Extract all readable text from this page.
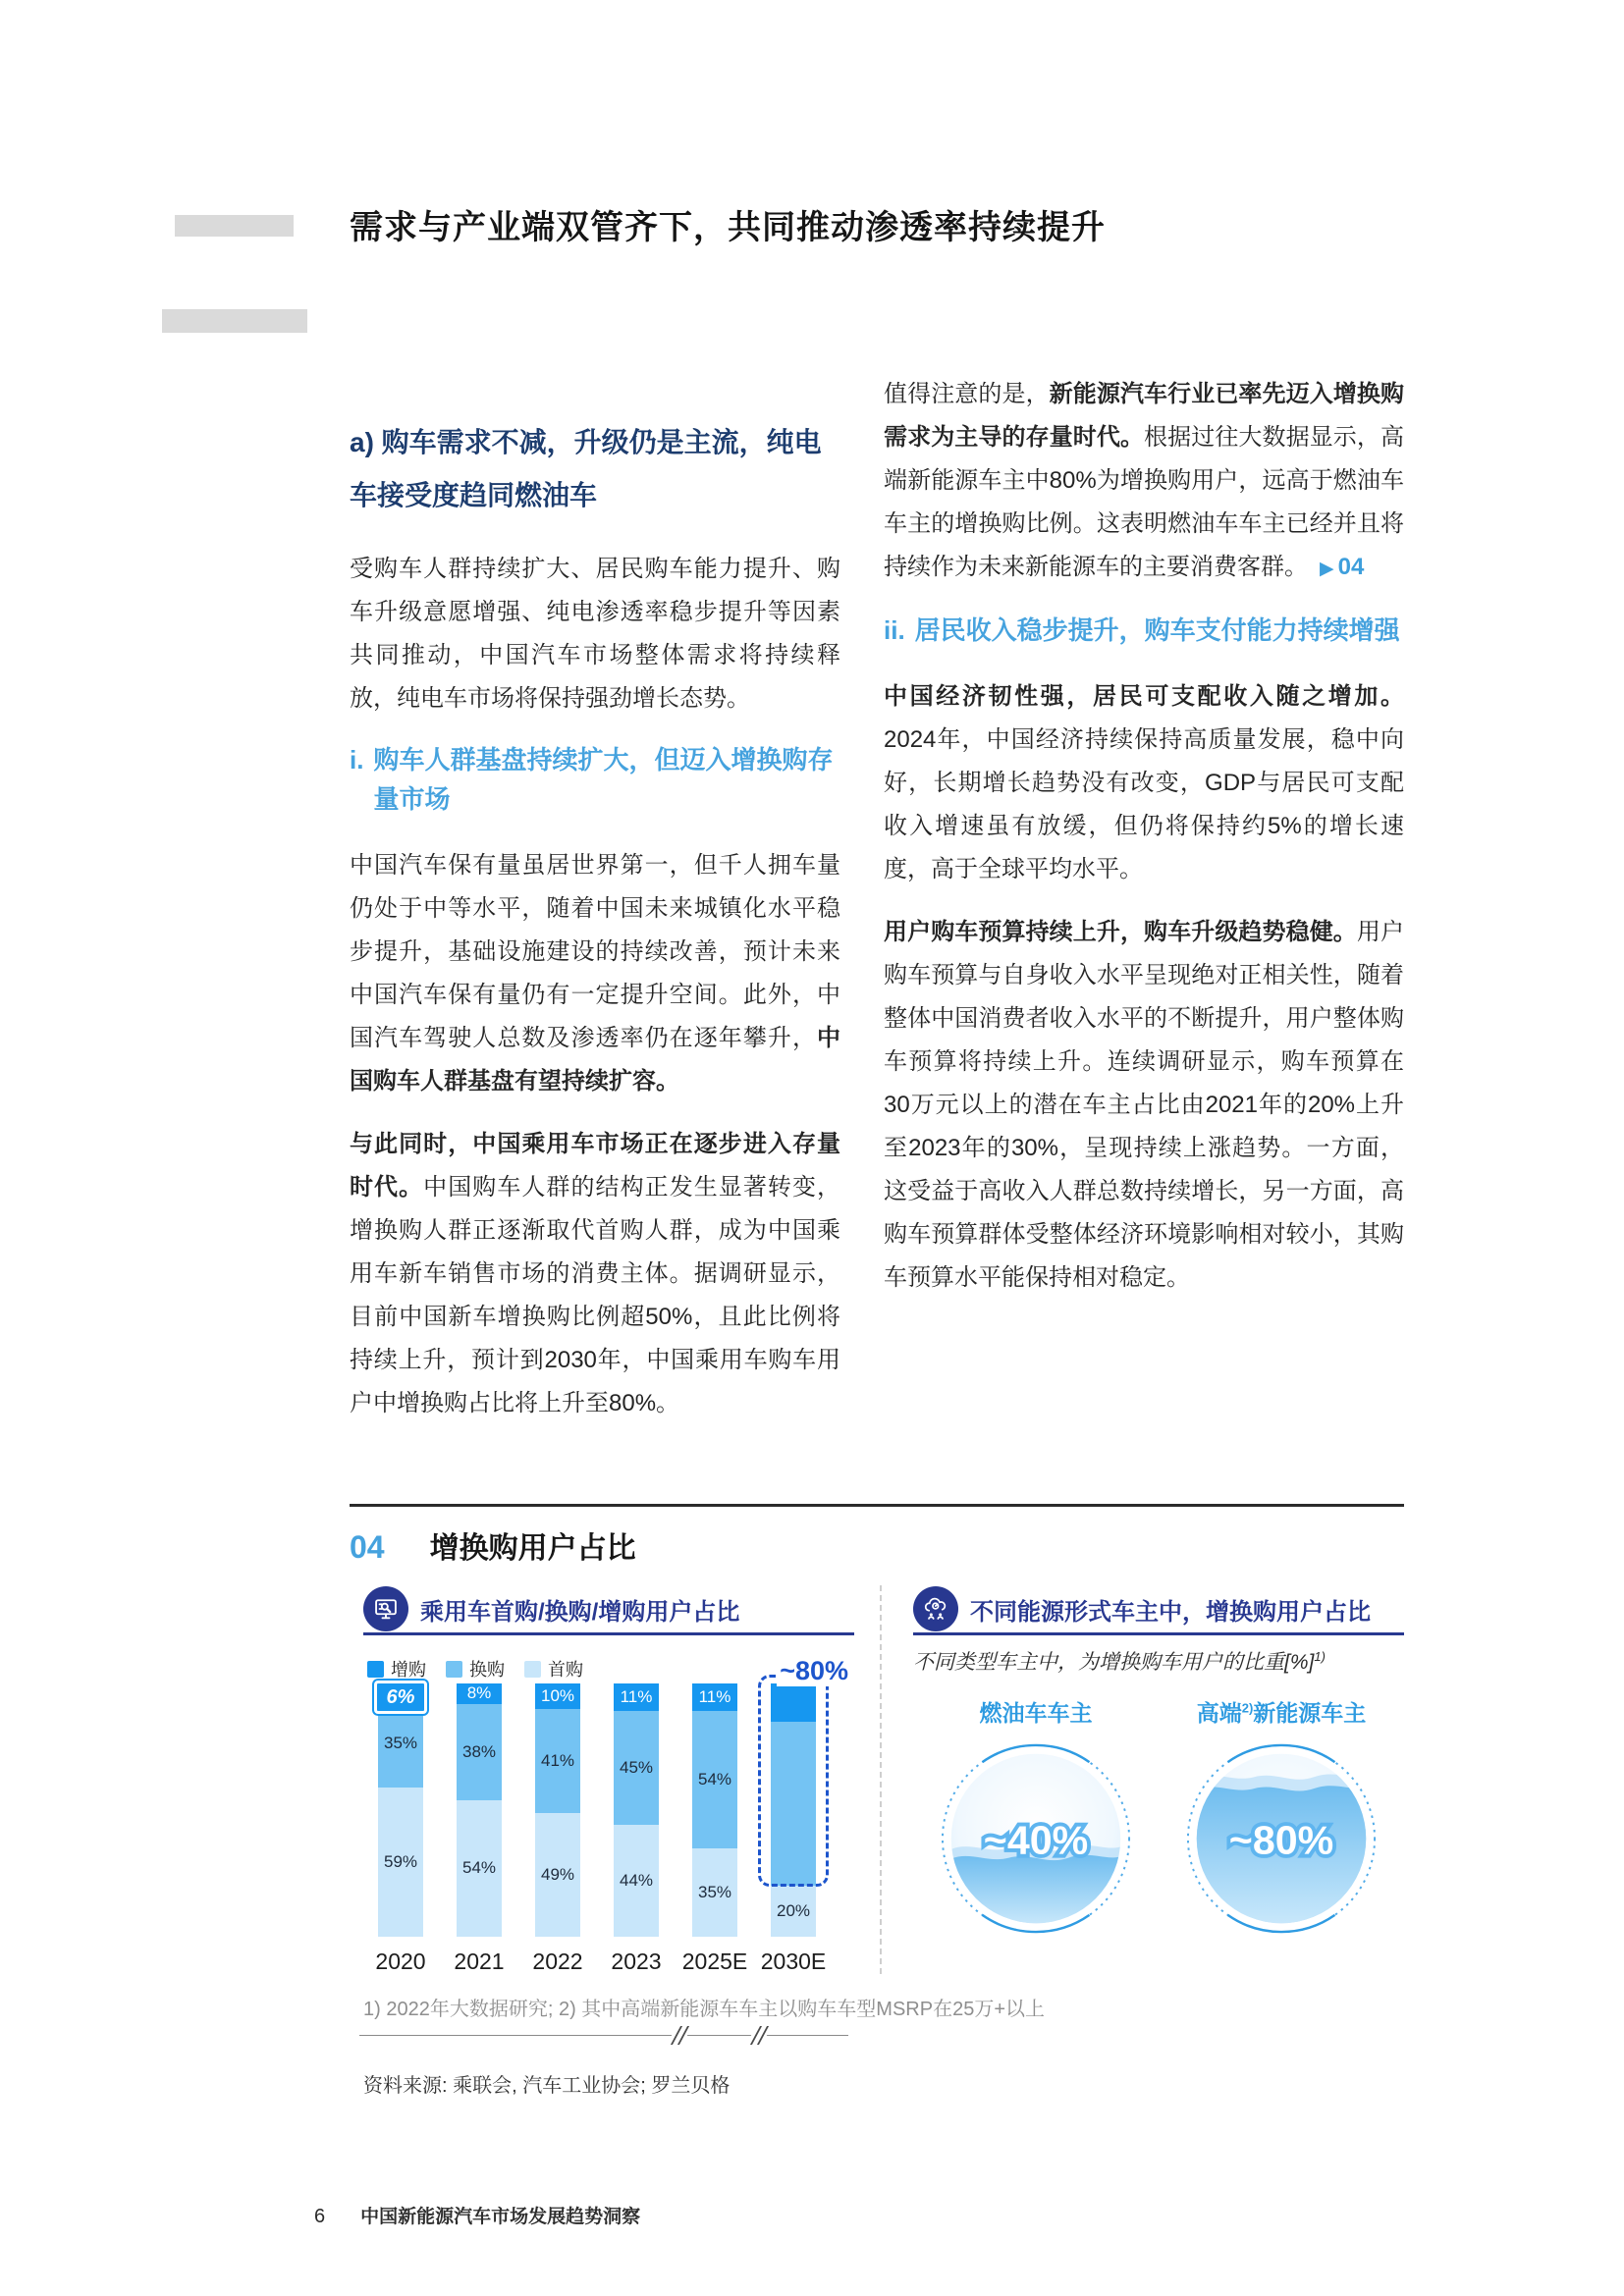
需求与产业端双管齐下，共同推动渗透率持续提升
a) 购车需求不减，升级仍是主流，纯电车接受度趋同燃油车

受购车人群持续扩大、居民购车能力提升、购车升级意愿增强、纯电渗透率稳步提升等因素共同推动，中国汽车市场整体需求将持续释放，纯电车市场将保持强劲增长态势。

i. 购车人群基盘持续扩大，但迈入增换购存量市场

中国汽车保有量虽居世界第一，但千人拥车量仍处于中等水平，随着中国未来城镇化水平稳步提升，基础设施建设的持续改善，预计未来中国汽车保有量仍有一定提升空间。此外，中国汽车驾驶人总数及渗透率仍在逐年攀升，中国购车人群基盘有望持续扩容。

与此同时，中国乘用车市场正在逐步进入存量时代。中国购车人群的结构正发生显著转变，增换购人群正逐渐取代首购人群，成为中国乘用车新车销售市场的消费主体。据调研显示，目前中国新车增换购比例超50%，且此比例将持续上升，预计到2030年，中国乘用车购车用户中增换购占比将上升至80%。

值得注意的是，新能源汽车行业已率先迈入增换购需求为主导的存量时代。根据过往大数据显示，高端新能源车主中80%为增换购用户，远高于燃油车车主的增换购比例。这表明燃油车车主已经并且将持续作为未来新能源车的主要消费客群。 ▶ 04

ii. 居民收入稳步提升，购车支付能力持续增强

中国经济韧性强，居民可支配收入随之增加。2024年，中国经济持续保持高质量发展，稳中向好，长期增长趋势没有改变，GDP与居民可支配收入增速虽有放缓，但仍将保持约5%的增长速度，高于全球平均水平。

用户购车预算持续上升，购车升级趋势稳健。用户购车预算与自身收入水平呈现绝对正相关性，随着整体中国消费者收入水平的不断提升，用户整体购车预算将持续上升。连续调研显示，购车预算在30万元以上的潜在车主占比由2021年的20%上升至2023年的30%，呈现持续上涨趋势。一方面，这受益于高收入人群总数持续增长，另一方面，高购车预算群体受整体经济环境影响相对较小，其购车预算水平能保持相对稳定。

04 增换购用户占比
乘用车首购/换购/增购用户占比
增购 换购 首购
35%
59%
2020
6%	8%
38%
54%
2021
10%
41%
49%
2022
11%
45%
44%
2023
11%
54%
35%
2025E
20%
2030E
~80%
不同能源形式车主中，增换购用户占比
不同类型车主中，为增换购车用户的比重[%]$^{1)}$
燃油车车主
~40%
高端$^{2)}$新能源车主
~80%
1) 2022年大数据研究; 2) 其中高端新能源车车主以购车车型MSRP在25万+以上
资料来源: 乘联会, 汽车工业协会; 罗兰贝格
6 中国新能源汽车市场发展趋势洞察
